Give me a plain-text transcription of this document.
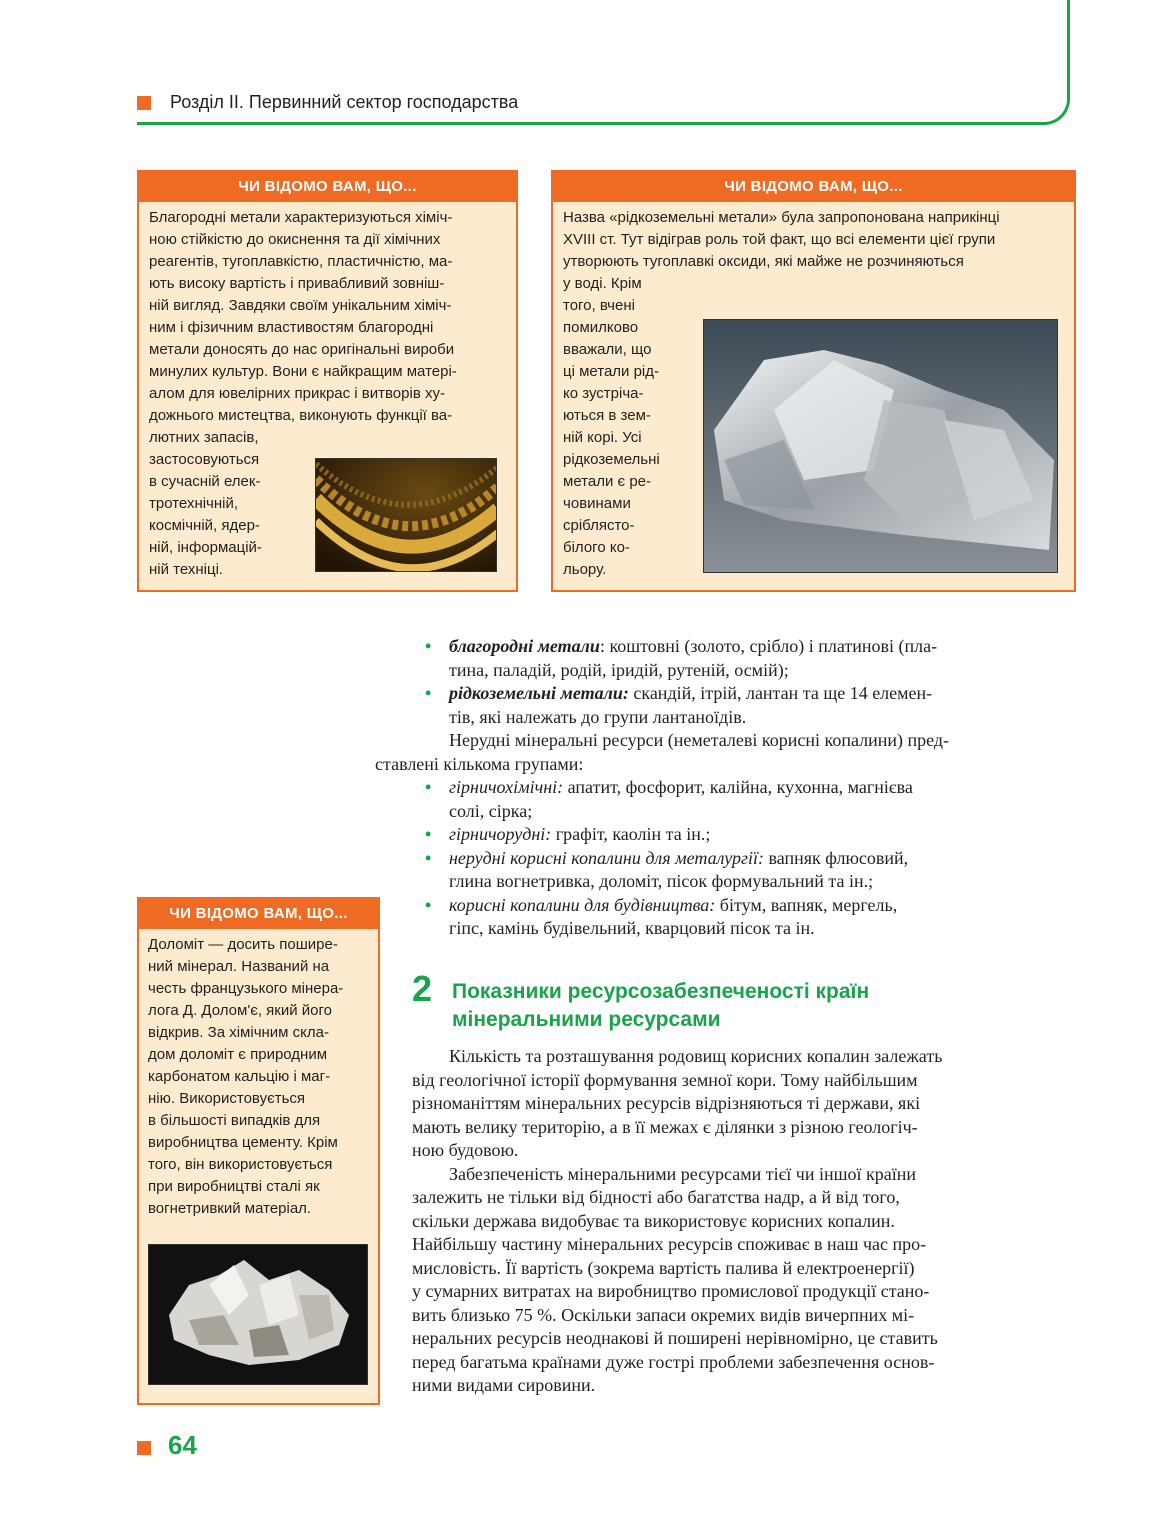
Розділ ІІ. Первинний сектор господарства
ЧИ ВІДОМО ВАМ, ЩО...
Благородні метали характеризуються хіміч-
ною стійкістю до окиснення та дії хімічних
реагентів, тугоплавкістю, пластичністю, ма-
ють високу вартість і привабливий зовніш-
ній вигляд. Завдяки своїм унікальним хіміч-
ним і фізичним властивостям благородні
метали доносять до нас оригінальні вироби
минулих культур. Вони є найкращим матері-
алом для ювелірних прикрас і витворів ху-
дожнього мистецтва, виконують функції ва-
лютних запасів,
застосовуються
в сучасній елек-
тротехнічній,
космічній, ядер-
ній, інформацій-
ній техніці.
ЧИ ВІДОМО ВАМ, ЩО...
Назва «рідкоземельні метали» була запропонована наприкінці
XVIII ст. Тут відіграв роль той факт, що всі елементи цієї групи
утворюють тугоплавкі оксиди, які майже не розчиняються
у воді. Крім
того, вчені
помилково
вважали, що
ці метали рід-
ко зустріча-
ються в зем-
ній корі. Усі
рідкоземельні
метали є ре-
човинами
сріблясто-
білого ко-
льору.
ЧИ ВІДОМО ВАМ, ЩО...
Доломіт — досить пошире-
ний мінерал. Названий на
честь французького мінера-
лога Д. Долом'є, який його
відкрив. За хімічним скла-
дом доломіт є природним
карбонатом кальцію і маг-
нію. Використовується
в більшості випадків для
виробництва цементу. Крім
того, він використовується
при виробництві сталі як
вогнетривкий матеріал.
• благородні метали: коштовні (золото, срібло) і платинові (пла-
тина, паладій, родій, іридій, рутеній, осмій);
• рідкоземельні метали: скандій, ітрій, лантан та ще 14 елемен-
тів, які належать до групи лантаноїдів.

Нерудні мінеральні ресурси (неметалеві корисні копалини) пред-
ставлені кількома групами:

• гірничохімічні: апатит, фосфорит, калійна, кухонна, магнієва
солі, сірка;
• гірничорудні: графіт, каолін та ін.;
• нерудні корисні копалини для металургії: вапняк флюсовий,
глина вогнетривка, доломіт, пісок формувальний та ін.;
• корисні копалини для будівництва: бітум, вапняк, мергель,
гіпс, камінь будівельний, кварцовий пісок та ін.
2 Показники ресурсозабезпеченості країн
мінеральними ресурсами
Кількість та розташування родовищ корисних копалин залежать
від геологічної історії формування земної кори. Тому найбільшим
різноманіттям мінеральних ресурсів відрізняються ті держави, які
мають велику територію, а в її межах є ділянки з різною геологіч-
ною будовою.
Забезпеченість мінеральними ресурсами тієї чи іншої країни
залежить не тільки від бідності або багатства надр, а й від того,
скільки держава видобуває та використовує корисних копалин.
Найбільшу частину мінеральних ресурсів споживає в наш час про-
мисловість. Її вартість (зокрема вартість палива й електроенергії)
у сумарних витратах на виробництво промислової продукції стано-
вить близько 75 %. Оскільки запаси окремих видів вичерпних мі-
неральних ресурсів неоднакові й поширені нерівномірно, це ставить
перед багатьма країнами дуже гострі проблеми забезпечення основ-
ними видами сировини.
64
